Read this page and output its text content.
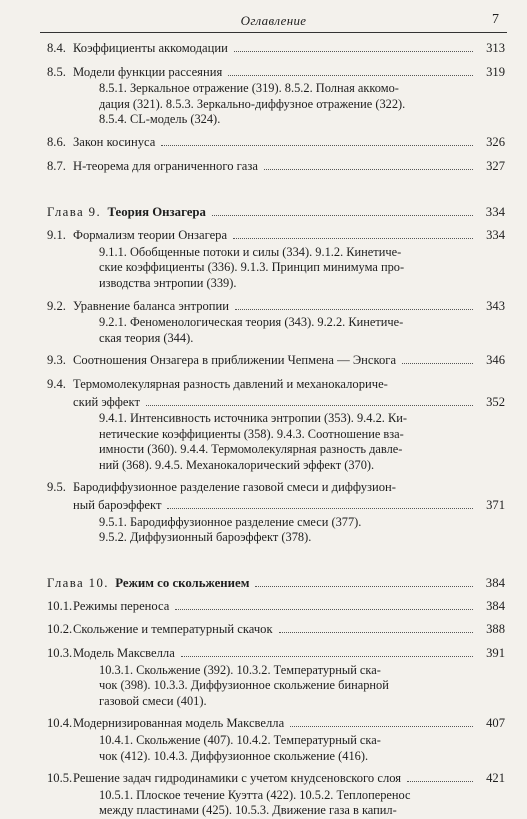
Оглавление	7
8.4. Коэффициенты аккомодации	313
8.5. Модели функции рассеяния	319
8.5.1. Зеркальное отражение (319). 8.5.2. Полная аккомо-
дация (321). 8.5.3. Зеркально-диффузное отражение (322).
8.5.4. CL-модель (324).
8.6. Закон косинуса	326
8.7. H-теорема для ограниченного газа	327
Глава 9.
Теория Онзагера	334
9.1. Формализм теории Онзагера	334
9.1.1. Обобщенные потоки и силы (334). 9.1.2. Кинетиче-
ские коэффициенты (336). 9.1.3. Принцип минимума про-
изводства энтропии (339).
9.2. Уравнение баланса энтропии	343
9.2.1. Феноменологическая теория (343). 9.2.2. Кинетиче-
ская теория (344).
9.3. Соотношения Онзагера в приближении Чепмена — Энскога	346
9.4. Термомолекулярная разность давлений и механокалориче-
ский эффект	352
9.4.1. Интенсивность источника энтропии (353). 9.4.2. Ки-
нетические коэффициенты (358). 9.4.3. Соотношение вза-
имности (360). 9.4.4. Термомолекулярная разность давле-
ний (368). 9.4.5. Механокалорический эффект (370).
9.5. Бародиффузионное разделение газовой смеси и диффузион-
ный бароэффект	371
9.5.1. Бародиффузионное разделение смеси (377).
9.5.2. Диффузионный бароэффект (378).
Глава 10.
Режим со скольжением	384
10.1. Режимы переноса	384
10.2. Скольжение и температурный скачок	388
10.3. Модель Максвелла	391
10.3.1. Скольжение (392). 10.3.2. Температурный ска-
чок (398). 10.3.3. Диффузионное скольжение бинарной
газовой смеси (401).
10.4. Модернизированная модель Максвелла	407
10.4.1. Скольжение (407). 10.4.2. Температурный ска-
чок (412). 10.4.3. Диффузионное скольжение (416).
10.5. Решение задач гидродинамики с учетом кнудсеновского слоя	421
10.5.1. Плоское течение Куэтта (422). 10.5.2. Теплоперенос
между пластинами (425). 10.5.3. Движение газа в капил-
